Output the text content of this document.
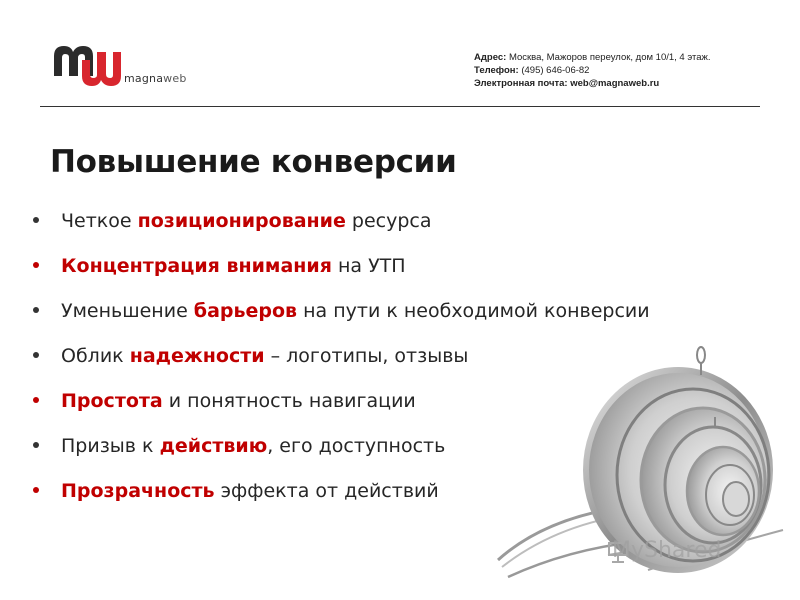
magnaweb
Адрес: Москва, Мажоров переулок, дом 10/1, 4 этаж.
Телефон: (495) 646-06-82
Электронная почта: web@magnaweb.ru
Повышение конверсии
Четкое позиционирование ресурса
Концентрация внимания на УТП
Уменьшение барьеров на пути к необходимой конверсии
Облик надежности – логотипы, отзывы
Простота и понятность навигации
Призыв к действию, его доступность
Прозрачность эффекта от действий
MyShared
